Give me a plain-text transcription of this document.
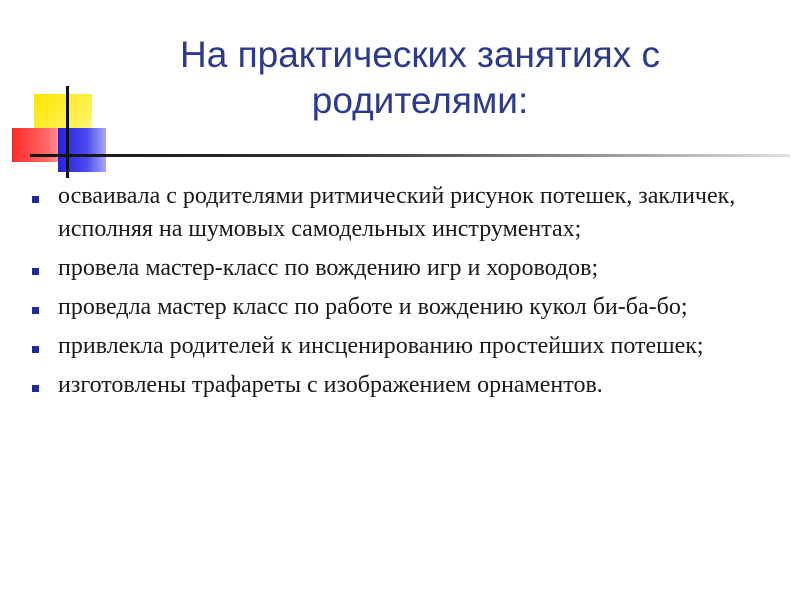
На практических занятиях с родителями:
осваивала с родителями ритмический рисунок потешек, закличек, исполняя на шумовых самодельных инструментах;
провела мастер-класс по вождению игр и хороводов;
проведла мастер класс по работе и вождению кукол би-ба-бо;
привлекла родителей к инсценированию простейших потешек;
изготовлены трафареты с изображением орнаментов.
